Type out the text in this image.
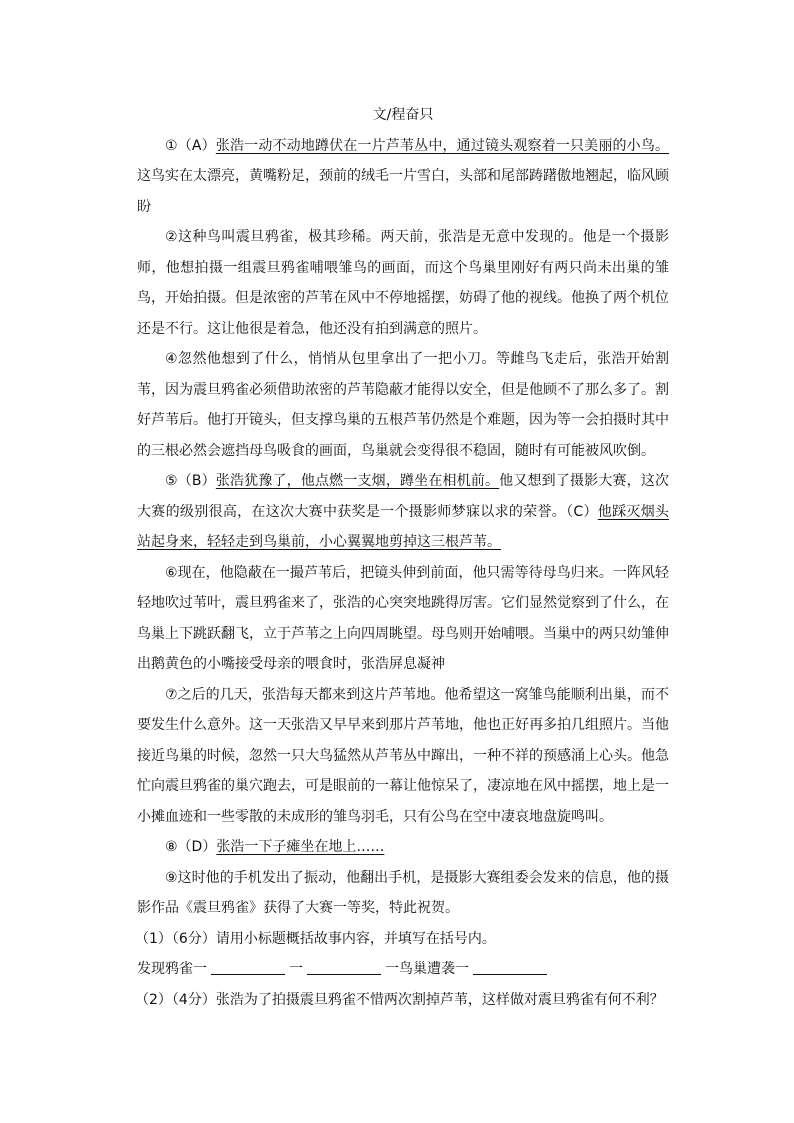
文/程奋只

①（A）张浩一动不动地蹲伏在一片芦苇丛中，通过镜头观察着一只美丽的小鸟。这鸟实在太漂亮，黄嘴粉足，颈前的绒毛一片雪白，头部和尾部踌躇傲地翘起，临风顾盼

②这种鸟叫震旦鸦雀，极其珍稀。两天前，张浩是无意中发现的。他是一个摄影师，他想拍摄一组震旦鸦雀哺喂雏鸟的画面，而这个鸟巢里刚好有两只尚未出巢的雏鸟，开始拍摄。但是浓密的芦苇在风中不停地摇摆，妨碍了他的视线。他换了两个机位还是不行。这让他很是着急，他还没有拍到满意的照片。

④忽然他想到了什么，悄悄从包里拿出了一把小刀。等雌鸟飞走后，张浩开始割苇，因为震旦鸦雀必须借助浓密的芦苇隐蔽才能得以安全，但是他顾不了那么多了。割好芦苇后。他打开镜头，但支撑鸟巢的五根芦苇仍然是个难题，因为等一会拍摄时其中的三根必然会遮挡母鸟吸食的画面，鸟巢就会变得很不稳固，随时有可能被风吹倒。

⑤（B）张浩犹豫了，他点燃一支烟，蹲坐在相机前。他又想到了摄影大赛，这次大赛的级别很高，在这次大赛中获奖是一个摄影师梦寐以求的荣誉。（C）他踩灭烟头站起身来，轻轻走到鸟巢前，小心翼翼地剪掉这三根芦苇。

⑥现在，他隐蔽在一撮芦苇后，把镜头伸到前面，他只需等待母鸟归来。一阵风轻轻地吹过苇叶，震旦鸦雀来了，张浩的心突突地跳得厉害。它们显然觉察到了什么，在鸟巢上下跳跃翻飞，立于芦苇之上向四周眺望。母鸟则开始哺喂。当巢中的两只幼雏伸出鹅黄色的小嘴接受母亲的喂食时，张浩屏息凝神

⑦之后的几天，张浩每天都来到这片芦苇地。他希望这一窝雏鸟能顺利出巢，而不要发生什么意外。这一天张浩又早早来到那片芦苇地，他也正好再多拍几组照片。当他接近鸟巢的时候，忽然一只大鸟猛然从芦苇丛中蹿出，一种不祥的预感涌上心头。他急忙向震旦鸦雀的巢穴跑去，可是眼前的一幕让他惊呆了，凄凉地在风中摇摆，地上是一小摊血迹和一些零散的未成形的雏鸟羽毛，只有公鸟在空中凄哀地盘旋鸣叫。

⑧（D）张浩一下子瘫坐在地上……

⑨这时他的手机发出了振动，他翻出手机，是摄影大赛组委会发来的信息，他的摄影作品《震旦鸦雀》获得了大赛一等奖，特此祝贺。

（1）（6分）请用小标题概括故事内容，并填写在括号内。

发现鸦雀一	一	一鸟巢遭袭一

（2）（4分）张浩为了拍摄震旦鸦雀不惜两次割掉芦苇，这样做对震旦鸦雀有何不利？
